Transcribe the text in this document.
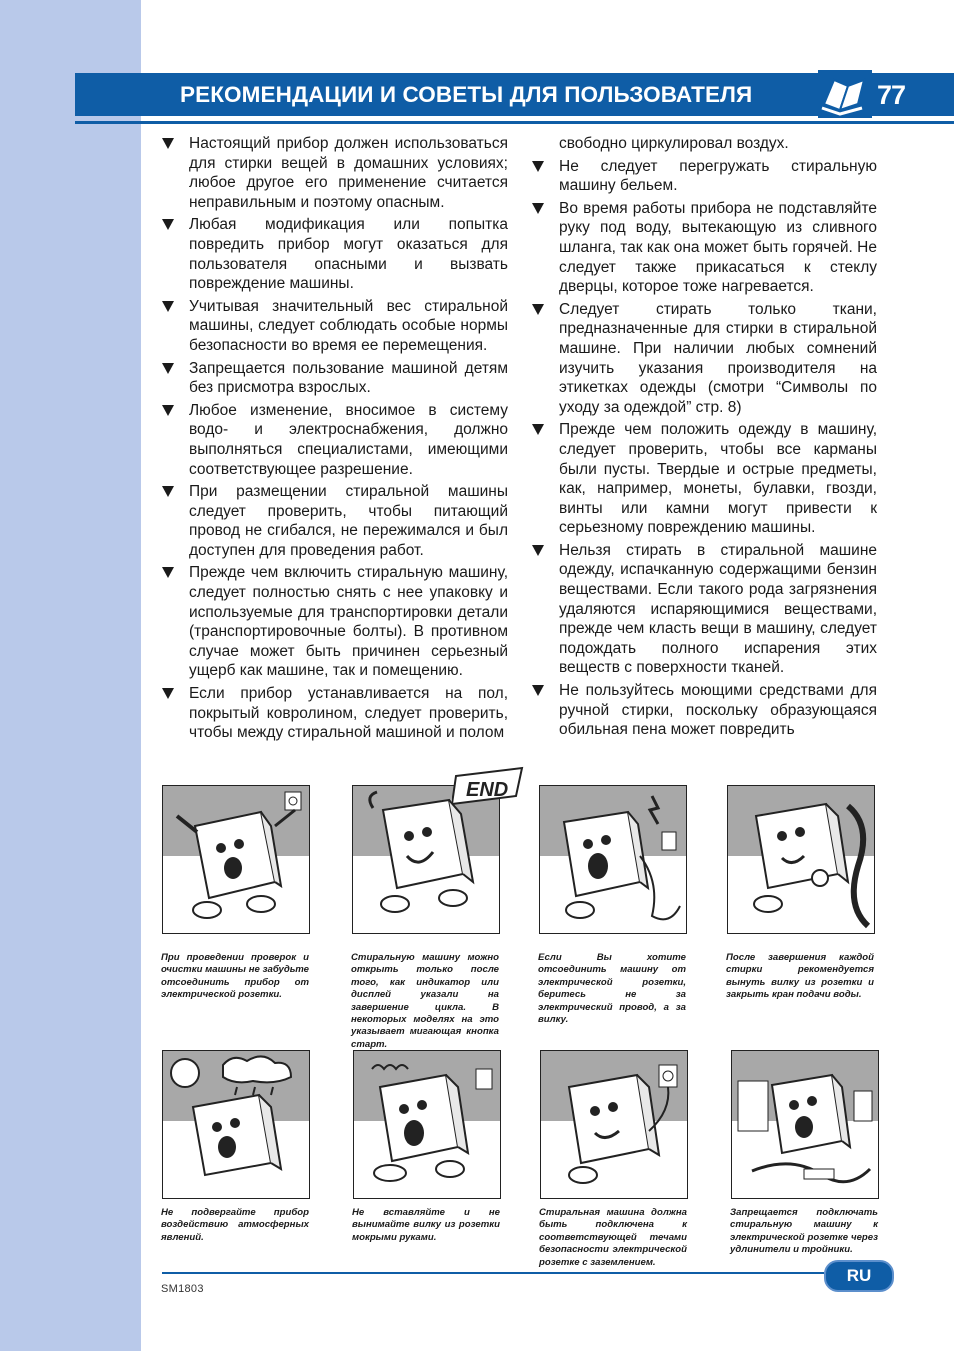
РЕКОМЕНДАЦИИ И СОВЕТЫ ДЛЯ ПОЛЬЗОВАТЕЛЯ	77
Настоящий прибор должен использоваться для стирки вещей в домашних условиях; любое другое его применение считается неправильным и поэтому опасным.
Любая модификация или попытка повредить прибор могут оказаться для пользователя опасными и вызвать повреждение машины.
Учитывая значительный вес стиральной машины, следует соблюдать особые нормы безопасности во время ее перемещения.
Запрещается пользование машиной детям без присмотра взрослых.
Любое изменение, вносимое в систему водо- и электроснабжения, должно выполняться специалистами, имеющими соответствующее разрешение.
При размещении стиральной машины следует проверить, чтобы питающий провод не сгибался, не пережимался и был доступен для проведения работ.
Прежде чем включить стиральную машину, следует полностью снять с нее упаковку и используемые для транспортировки детали (транспортировочные болты). В противном случае может быть причинен серьезный ущерб как машине, так и помещению.
Если прибор устанавливается на пол, покрытый ковролином, следует проверить, чтобы между стиральной машиной и полом
свободно циркулировал воздух.
Не следует перегружать стиральную машину бельем.
Во время работы прибора не подставляйте руку под воду, вытекающую из сливного шланга, так как она может быть горячей. Не следует также прикасаться к стеклу дверцы, которое тоже нагревается.
Следует стирать только ткани, предназначенные для стирки в стиральной машине. При наличии любых сомнений изучить указания производителя на этикетках одежды (смотри “Символы по уходу за одеждой” стр. 8)
Прежде чем положить одежду в машину, следует проверить, чтобы все карманы были пусты. Твердые и острые предметы, как, например, монеты, булавки, гвозди, винты или камни могут привести к серьезному повреждению машины.
Нельзя стирать в стиральной машине одежду, испачканную содержащими бензин веществами. Если такого рода загрязнения удаляются испаряющимися веществами, прежде чем класть вещи в машину, следует подождать полного испарения этих веществ с поверхности тканей.
Не пользуйтесь моющими средствами для ручной стирки, поскольку образующаяся обильная пена может повредить
При проведении проверок и очистки машины не забудьте отсоединить прибор от электрической розетки.
END
Стиральную машину можно открыть только после того, как индикатор или дисплей указали на завершение цикла. В некоторых моделях на это указывает мигающая кнопка старт.
Если Вы хотите отсоединить машину от электрической розетки, беритесь не за электрический провод, а за вилку.
После завершения каждой стирки рекомендуется вынуть вилку из розетки и закрыть кран подачи воды.
Не подвергайте прибор воздействию атмосферных явлений.
Не вставляйте и не вынимайте вилку из розетки мокрыми руками.
Стиральная машина должна быть подключена к соответствующей течами безопасности электрической розетке с заземлением.
Запрещается подключать стиральную машину к электрической розетке через удлинители и тройники.
SM1803
RU
